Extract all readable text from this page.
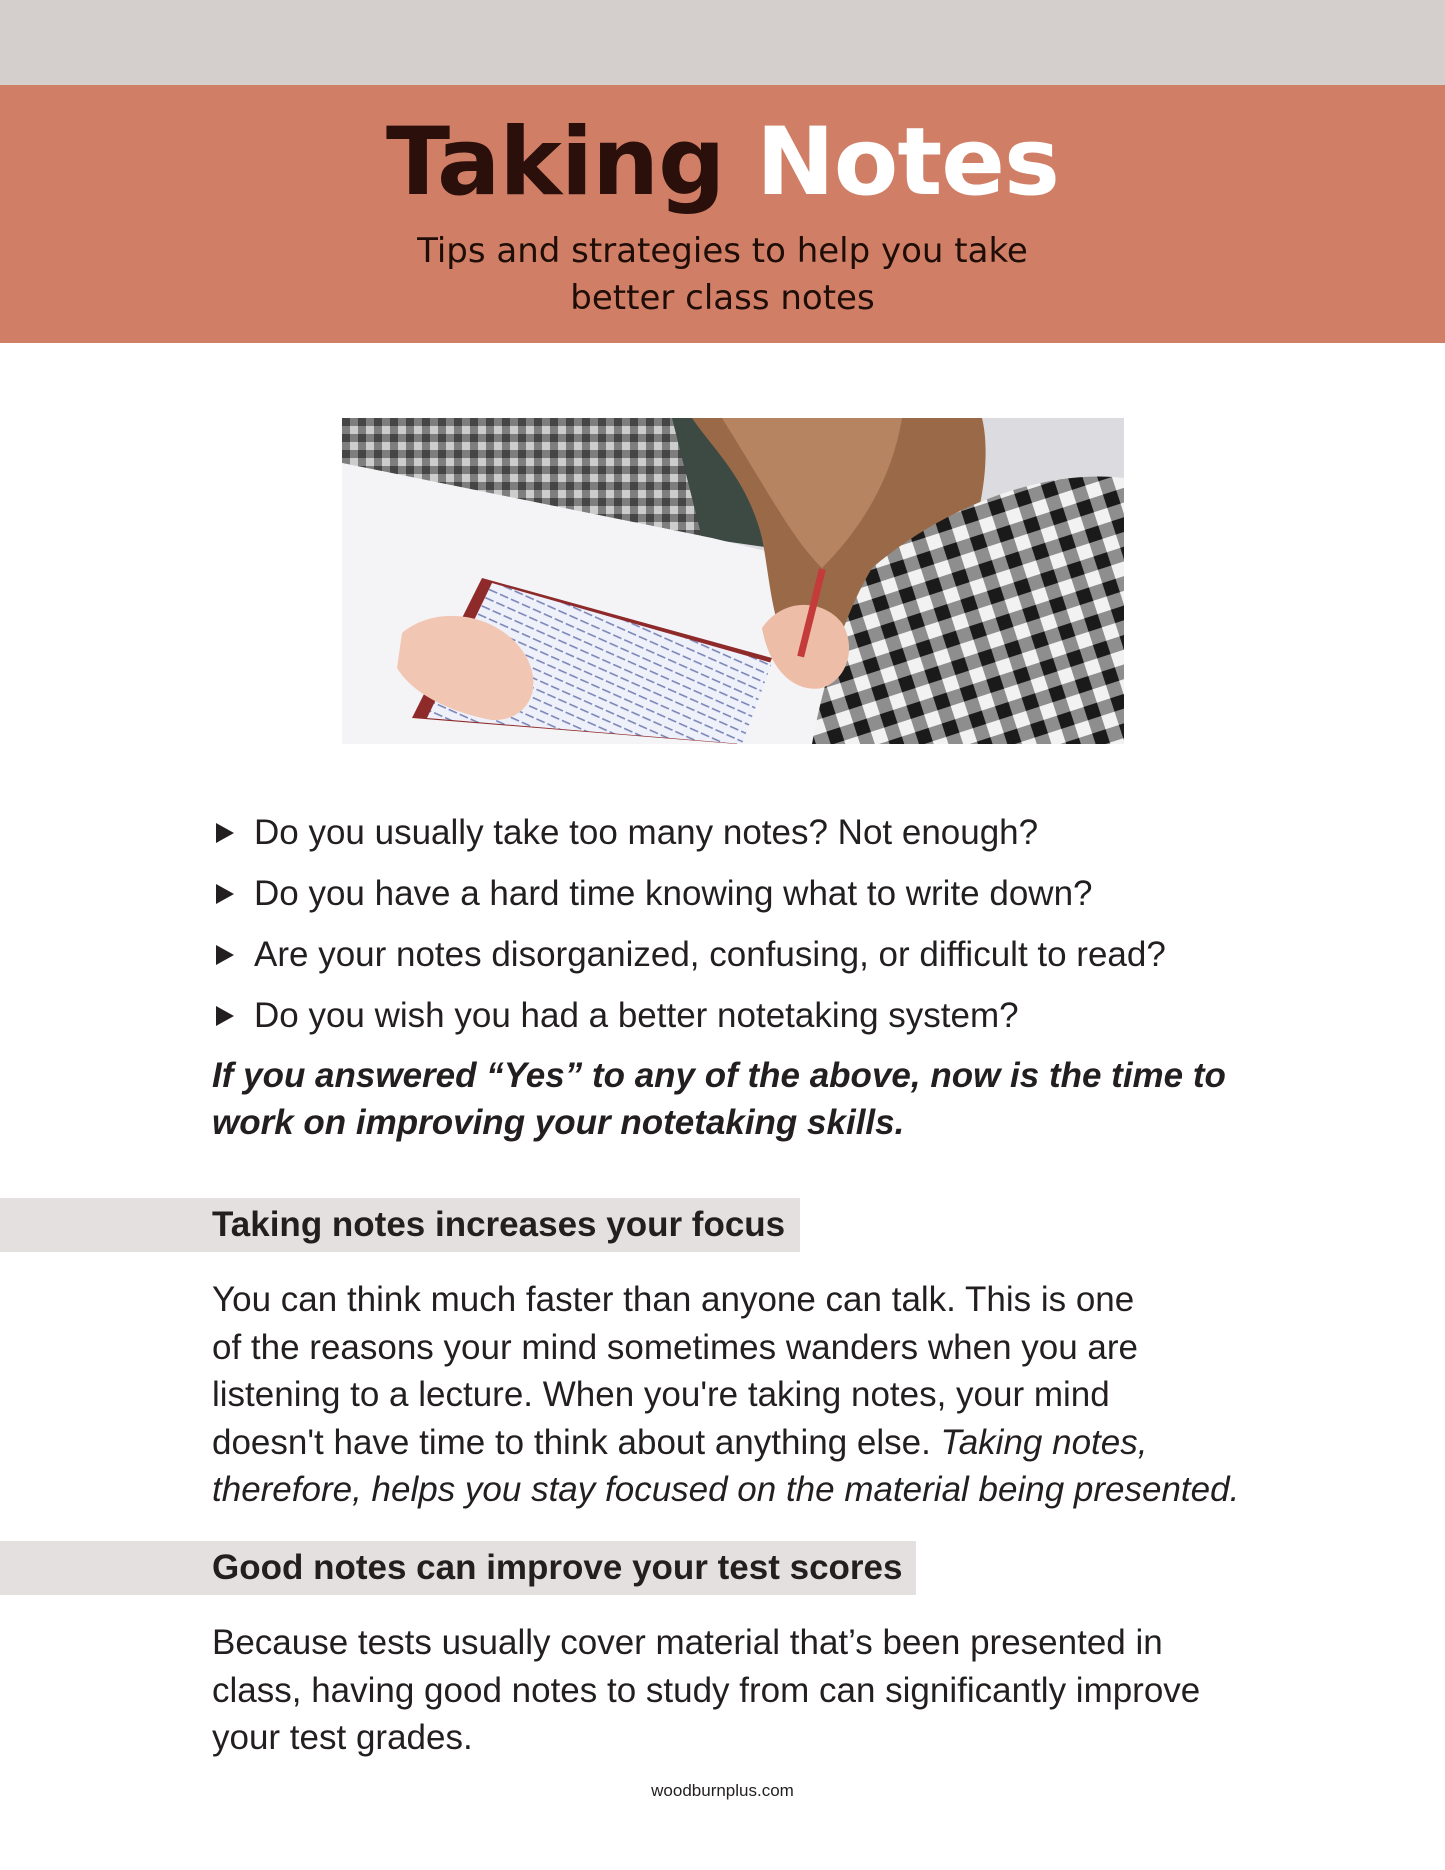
Taking Notes
Tips and strategies to help you take
better class notes
Do you usually take too many notes? Not enough?
Do you have a hard time knowing what to write down?
Are your notes disorganized, confusing, or difficult to read?
Do you wish you had a better notetaking system?
If you answered “Yes” to any of the above, now is the time to
work on improving your notetaking skills.
Taking notes increases your focus
You can think much faster than anyone can talk. This is one
of the reasons your mind sometimes wanders when you are
listening to a lecture. When you're taking notes, your mind
doesn't have time to think about anything else. Taking notes,
therefore, helps you stay focused on the material being presented.
Good notes can improve your test scores
Because tests usually cover material that’s been presented in
class, having good notes to study from can significantly improve
your test grades.
woodburnplus.com
